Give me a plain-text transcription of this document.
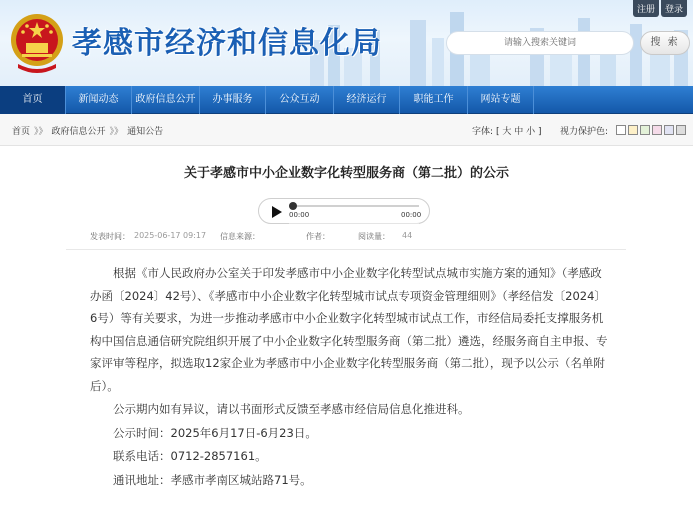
孝感市经济和信息化局
注册	登录
请输入搜索关键词	搜 索
首页	新闻动态	政府信息公开	办事服务	公众互动	经济运行	职能工作	网站专题
首页 》》 政府信息公开 》》 通知公告	字体: [ 大 中 小 ] 视力保护色:
关于孝感市中小企业数字化转型服务商（第二批）的公示
00:00	00:00
发表时间： 2025-06-17 09:17	信息来源：	作者：	阅读量： 44

根据《市人民政府办公室关于印发孝感市中小企业数字化转型试点城市实施方案的通知》（孝感政办函〔2024〕42号）、《孝感市中小企业数字化转型城市试点专项资金管理细则》（孝经信发〔2024〕6号）等有关要求，为进一步推动孝感市中小企业数字化转型城市试点工作，市经信局委托支撑服务机构中国信息通信研究院组织开展了中小企业数字化转型服务商（第二批）遴选，经服务商自主申报、专家评审等程序，拟选取12家企业为孝感市中小企业数字化转型服务商（第二批），现予以公示（名单附后）。

公示期内如有异议，请以书面形式反馈至孝感市经信局信息化推进科。

公示时间：2025年6月17日-6月23日。

联系电话：0712-2857161。

通讯地址：孝感市孝南区城站路71号。
